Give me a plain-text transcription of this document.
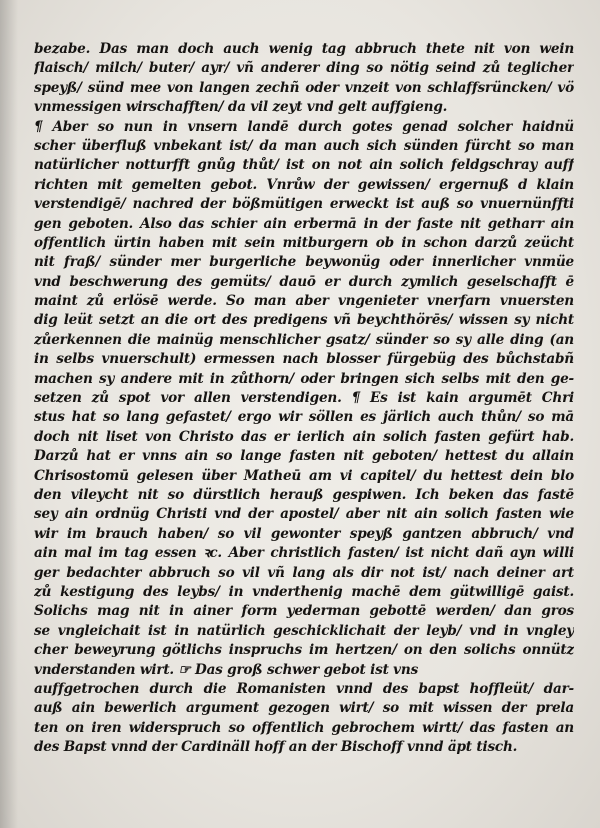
bezabe. Das man doch auch wenig tag abbruch thete nit von wein
flaisch/ milch/ buter/ ayr/ vñ anderer ding so nötig seind zů teglicher
speyß/ sünd mee von langen zechñ oder vnzeit von schlaffsrüncken/ vö
vnmessigen wirschafften/ da vil zeyt vnd gelt auffgieng.
¶ Aber so nun in vnsern landē durch gotes genad solcher haidnü
scher überfluß vnbekant ist/ da man auch sich sünden fürcht so man
natürlicher notturfft gnůg thůt/ ist on not ain solich feldgschray auff
richten mit gemelten gebot. Vnrůw der gewissen/ ergernuß d klain
verstendigē/ nachred der bößmütigen erweckt ist auß so vnuernünffti
gen geboten. Also das schier ain erbermā in der faste nit getharr ain
offentlich ürtin haben mit sein mitburgern ob in schon darzů zeücht
nit fraß/ sünder mer burgerliche beywonüg oder innerlicher vnmüe
vnd beschwerung des gemüts/ dauō er durch zymlich geselschafft ē
maint zů erlösē werde. So man aber vngenieter vnerfarn vnuersten
dig leüt setzt an die ort des predigens vñ beychthörēs/ wissen sy nicht
zůerkennen die mainüg menschlicher gsatz/ sünder so sy alle ding (an
in selbs vnuerschult) ermessen nach blosser fürgebüg des bůchstabñ
machen sy andere mit in zůthorn/ oder bringen sich selbs mit den ge-
setzen zů spot vor allen verstendigen. ¶ Es ist kain argumēt Chri
stus hat so lang gefastet/ ergo wir söllen es järlich auch thůn/ so mā
doch nit liset von Christo das er ierlich ain solich fasten gefürt hab.
Darzů hat er vnns ain so lange fasten nit geboten/ hettest du allain
Chrisostomū gelesen über Matheū am vi capitel/ du hettest dein blo
den vileycht nit so dürstlich herauß gespiwen. Ich beken das fastē
sey ain ordnüg Christi vnd der apostel/ aber nit ain solich fasten wie
wir im brauch haben/ so vil gewonter speyß gantzen abbruch/ vnd
ain mal im tag essen ꝛc. Aber christlich fasten/ ist nicht dañ ayn willi
ger bedachter abbruch so vil vñ lang als dir not ist/ nach deiner art
zů kestigung des leybs/ in vnderthenig machē dem gütwilligē gaist.
Solichs mag nit in ainer form yederman gebottē werden/ dan gros
se vngleichait ist in natürlich geschicklichait der leyb/ vnd in vngley
cher beweyrung götlichs inspruchs im hertzen/ on den solichs onnütz
vnderstanden wirt. ☞ Das groß schwer gebot ist vns
auffgetrochen durch die Romanisten vnnd des bapst hoffleüt/ dar-
auß ain bewerlich argument gezogen wirt/ so mit wissen der prela
ten on iren widerspruch so offentlich gebrochem wirtt/ das fasten an
des Bapst vnnd der Cardinäll hoff an der Bischoff vnnd äpt tisch.
